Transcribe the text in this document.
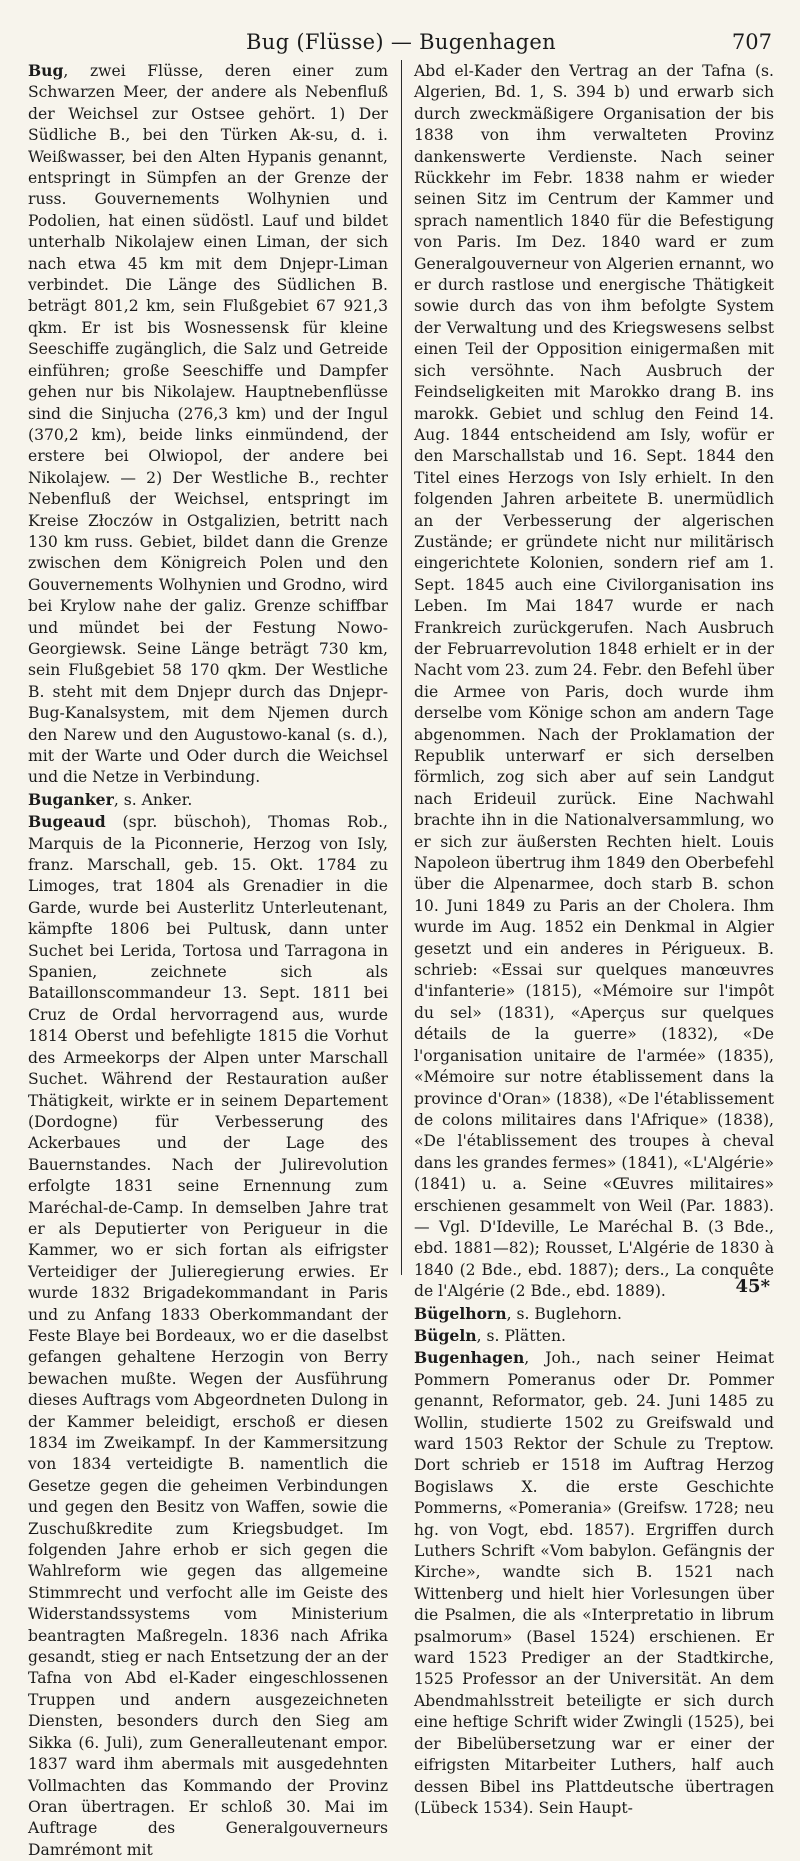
Bug (Flüsse) — Bugenhagen	707

Bug, zwei Flüsse, deren einer zum Schwarzen Meer, der andere als Nebenfluß der Weichsel zur Ostsee gehört. 1) Der Südliche B., bei den Türken Ak-su, d. i. Weißwasser, bei den Alten Hypanis genannt, entspringt in Sümpfen an der Grenze der russ. Gouvernements Wolhynien und Podolien, hat einen südöstl. Lauf und bildet unterhalb Nikolajew einen Liman, der sich nach etwa 45 km mit dem Dnjepr-Liman verbindet. Die Länge des Südlichen B. beträgt 801,2 km, sein Flußgebiet 67 921,3 qkm. Er ist bis Wosnessensk für kleine Seeschiffe zugänglich, die Salz und Getreide einführen; große Seeschiffe und Dampfer gehen nur bis Nikolajew. Hauptnebenflüsse sind die Sinjucha (276,3 km) und der Ingul (370,2 km), beide links einmündend, der erstere bei Olwiopol, der andere bei Nikolajew. — 2) Der Westliche B., rechter Nebenfluß der Weichsel, entspringt im Kreise Złoczów in Ostgalizien, betritt nach 130 km russ. Gebiet, bildet dann die Grenze zwischen dem Königreich Polen und den Gouvernements Wolhynien und Grodno, wird bei Krylow nahe der galiz. Grenze schiffbar und mündet bei der Festung Nowo-Georgiewsk. Seine Länge beträgt 730 km, sein Flußgebiet 58 170 qkm. Der Westliche B. steht mit dem Dnjepr durch das Dnjepr-Bug-Kanalsystem, mit dem Njemen durch den Narew und den Augustowo-kanal (s. d.), mit der Warte und Oder durch die Weichsel und die Netze in Verbindung.

Buganker, s. Anker.

Bugeaud (spr. büschoh), Thomas Rob., Marquis de la Piconnerie, Herzog von Isly, franz. Marschall, geb. 15. Okt. 1784 zu Limoges, trat 1804 als Grenadier in die Garde, wurde bei Austerlitz Unterleutenant, kämpfte 1806 bei Pultusk, dann unter Suchet bei Lerida, Tortosa und Tarragona in Spanien, zeichnete sich als Bataillonscommandeur 13. Sept. 1811 bei Cruz de Ordal hervorragend aus, wurde 1814 Oberst und befehligte 1815 die Vorhut des Armeekorps der Alpen unter Marschall Suchet. Während der Restauration außer Thätigkeit, wirkte er in seinem Departement (Dordogne) für Verbesserung des Ackerbaues und der Lage des Bauernstandes. Nach der Julirevolution erfolgte 1831 seine Ernennung zum Maréchal-de-Camp. In demselben Jahre trat er als Deputierter von Perigueur in die Kammer, wo er sich fortan als eifrigster Verteidiger der Julieregierung erwies. Er wurde 1832 Brigadekommandant in Paris und zu Anfang 1833 Oberkommandant der Feste Blaye bei Bordeaux, wo er die daselbst gefangen gehaltene Herzogin von Berry bewachen mußte. Wegen der Ausführung dieses Auftrags vom Abgeordneten Dulong in der Kammer beleidigt, erschoß er diesen 1834 im Zweikampf. In der Kammersitzung von 1834 verteidigte B. namentlich die Gesetze gegen die geheimen Verbindungen und gegen den Besitz von Waffen, sowie die Zuschußkredite zum Kriegsbudget. Im folgenden Jahre erhob er sich gegen die Wahlreform wie gegen das allgemeine Stimmrecht und verfocht alle im Geiste des Widerstandssystems vom Ministerium beantragten Maßregeln. 1836 nach Afrika gesandt, stieg er nach Entsetzung der an der Tafna von Abd el-Kader eingeschlossenen Truppen und andern ausgezeichneten Diensten, besonders durch den Sieg am Sikka (6. Juli), zum Generalleutenant empor. 1837 ward ihm abermals mit ausgedehnten Vollmachten das Kommando der Provinz Oran übertragen. Er schloß 30. Mai im Auftrage des Generalgouverneurs Damrémont mit

Abd el-Kader den Vertrag an der Tafna (s. Algerien, Bd. 1, S. 394 b) und erwarb sich durch zweckmäßigere Organisation der bis 1838 von ihm verwalteten Provinz dankenswerte Verdienste. Nach seiner Rückkehr im Febr. 1838 nahm er wieder seinen Sitz im Centrum der Kammer und sprach namentlich 1840 für die Befestigung von Paris. Im Dez. 1840 ward er zum Generalgouverneur von Algerien ernannt, wo er durch rastlose und energische Thätigkeit sowie durch das von ihm befolgte System der Verwaltung und des Kriegswesens selbst einen Teil der Opposition einigermaßen mit sich versöhnte. Nach Ausbruch der Feindseligkeiten mit Marokko drang B. ins marokk. Gebiet und schlug den Feind 14. Aug. 1844 entscheidend am Isly, wofür er den Marschallstab und 16. Sept. 1844 den Titel eines Herzogs von Isly erhielt. In den folgenden Jahren arbeitete B. unermüdlich an der Verbesserung der algerischen Zustände; er gründete nicht nur militärisch eingerichtete Kolonien, sondern rief am 1. Sept. 1845 auch eine Civilorganisation ins Leben. Im Mai 1847 wurde er nach Frankreich zurückgerufen. Nach Ausbruch der Februarrevolution 1848 erhielt er in der Nacht vom 23. zum 24. Febr. den Befehl über die Armee von Paris, doch wurde ihm derselbe vom Könige schon am andern Tage abgenommen. Nach der Proklamation der Republik unterwarf er sich derselben förmlich, zog sich aber auf sein Landgut nach Erideuil zurück. Eine Nachwahl brachte ihn in die Nationalversammlung, wo er sich zur äußersten Rechten hielt. Louis Napoleon übertrug ihm 1849 den Oberbefehl über die Alpenarmee, doch starb B. schon 10. Juni 1849 zu Paris an der Cholera. Ihm wurde im Aug. 1852 ein Denkmal in Algier gesetzt und ein anderes in Périgueux. B. schrieb: «Essai sur quelques manœuvres d'infanterie» (1815), «Mémoire sur l'impôt du sel» (1831), «Aperçus sur quelques détails de la guerre» (1832), «De l'organisation unitaire de l'armée» (1835), «Mémoire sur notre établissement dans la province d'Oran» (1838), «De l'établissement de colons militaires dans l'Afrique» (1838), «De l'établissement des troupes à cheval dans les grandes fermes» (1841), «L'Algérie» (1841) u. a. Seine «Œuvres militaires» erschienen gesammelt von Weil (Par. 1883). — Vgl. D'Ideville, Le Maréchal B. (3 Bde., ebd. 1881—82); Rousset, L'Algérie de 1830 à 1840 (2 Bde., ebd. 1887); ders., La conquête de l'Algérie (2 Bde., ebd. 1889).

Bügelhorn, s. Buglehorn.

Bügeln, s. Plätten.

Bugenhagen, Joh., nach seiner Heimat Pommern Pomeranus oder Dr. Pommer genannt, Reformator, geb. 24. Juni 1485 zu Wollin, studierte 1502 zu Greifswald und ward 1503 Rektor der Schule zu Treptow. Dort schrieb er 1518 im Auftrag Herzog Bogislaws X. die erste Geschichte Pommerns, «Pomerania» (Greifsw. 1728; neu hg. von Vogt, ebd. 1857). Ergriffen durch Luthers Schrift «Vom babylon. Gefängnis der Kirche», wandte sich B. 1521 nach Wittenberg und hielt hier Vorlesungen über die Psalmen, die als «Interpretatio in librum psalmorum» (Basel 1524) erschienen. Er ward 1523 Prediger an der Stadtkirche, 1525 Professor an der Universität. An dem Abendmahlsstreit beteiligte er sich durch eine heftige Schrift wider Zwingli (1525), bei der Bibelübersetzung war er einer der eifrigsten Mitarbeiter Luthers, half auch dessen Bibel ins Plattdeutsche übertragen (Lübeck 1534). Sein Haupt-

45*
